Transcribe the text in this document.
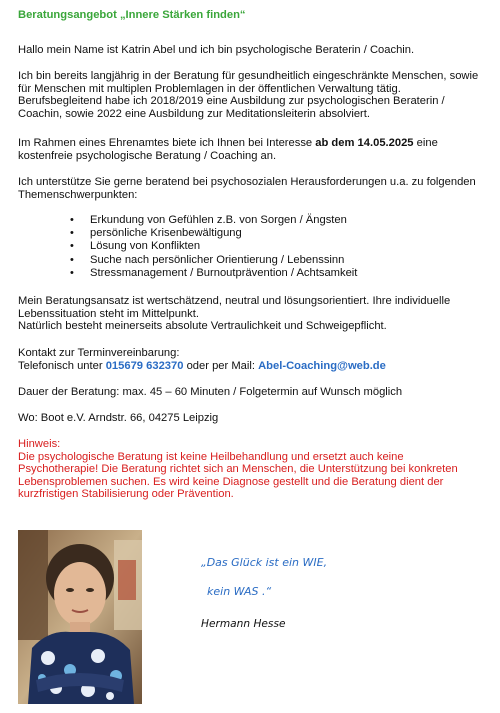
Beratungsangebot „Innere Stärken finden“

Hallo mein Name ist Katrin Abel und ich bin psychologische Beraterin / Coachin.

Ich bin bereits langjährig in der Beratung für gesundheitlich eingeschränkte Menschen, sowie

für Menschen mit multiplen Problemlagen in der öffentlichen Verwaltung tätig.

Berufsbegleitend habe ich 2018/2019 eine Ausbildung zur psychologischen Beraterin /

Coachin, sowie 2022 eine Ausbildung zur Meditationsleiterin absolviert.

Im Rahmen eines Ehrenamtes biete ich Ihnen bei Interesse ab dem 14.05.2025 eine

kostenfreie psychologische Beratung / Coaching an.

Ich unterstütze Sie gerne beratend bei psychosozialen Herausforderungen u.a. zu folgenden

Themenschwerpunkten:

• Erkundung von Gefühlen z.B. von Sorgen / Ängsten
• persönliche Krisenbewältigung
• Lösung von Konflikten
• Suche nach persönlicher Orientierung / Lebenssinn
• Stressmanagement / Burnoutprävention / Achtsamkeit

Mein Beratungsansatz ist wertschätzend, neutral und lösungsorientiert. Ihre individuelle

Lebenssituation steht im Mittelpunkt.

Natürlich besteht meinerseits absolute Vertraulichkeit und Schweigepflicht.

Kontakt zur Terminvereinbarung:

Telefonisch unter 015679 632370 oder per Mail: Abel-Coaching@web.de

Dauer der Beratung: max. 45 – 60 Minuten / Folgetermin auf Wunsch möglich

Wo: Boot e.V. Arndstr. 66, 04275 Leipzig

Hinweis:

Die psychologische Beratung ist keine Heilbehandlung und ersetzt auch keine

Psychotherapie! Die Beratung richtet sich an Menschen, die Unterstützung bei konkreten

Lebensproblemen suchen. Es wird keine Diagnose gestellt und die Beratung dient der

kurzfristigen Stabilisierung oder Prävention.

„Das Glück ist ein WIE,
kein WAS .“
Hermann Hesse
